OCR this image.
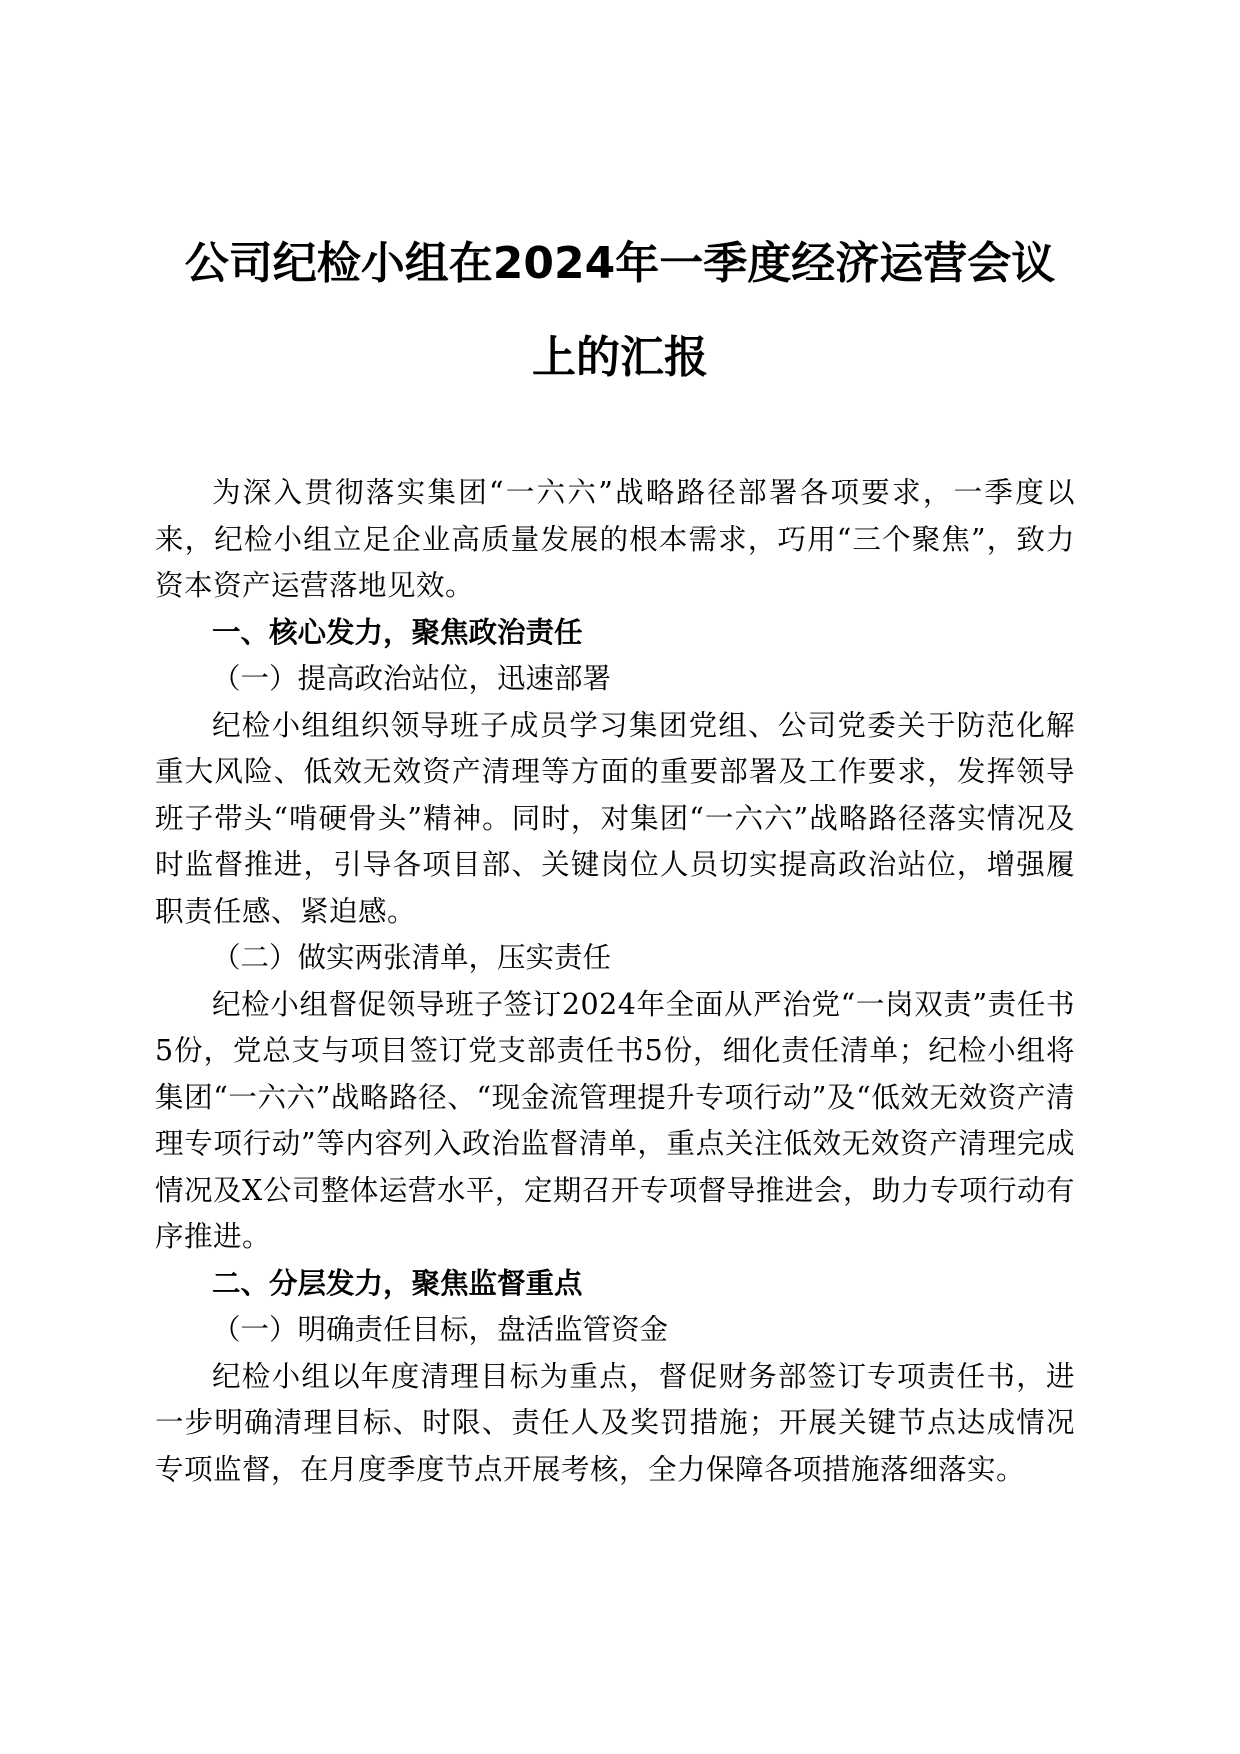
公司纪检小组在2024年一季度经济运营会议
上的汇报

为深入贯彻落实集团“一六六”战略路径部署各项要求，一季度以来，纪检小组立足企业高质量发展的根本需求，巧用“三个聚焦”，致力资本资产运营落地见效。

一、核心发力，聚焦政治责任

（一）提高政治站位，迅速部署

纪检小组组织领导班子成员学习集团党组、公司党委关于防范化解重大风险、低效无效资产清理等方面的重要部署及工作要求，发挥领导班子带头“啃硬骨头”精神。同时，对集团“一六六”战略路径落实情况及时监督推进，引导各项目部、关键岗位人员切实提高政治站位，增强履职责任感、紧迫感。

（二）做实两张清单，压实责任

纪检小组督促领导班子签订2024年全面从严治党“一岗双责”责任书5份，党总支与项目签订党支部责任书5份，细化责任清单；纪检小组将集团“一六六”战略路径、“现金流管理提升专项行动”及“低效无效资产清理专项行动”等内容列入政治监督清单，重点关注低效无效资产清理完成情况及X公司整体运营水平，定期召开专项督导推进会，助力专项行动有序推进。

二、分层发力，聚焦监督重点

（一）明确责任目标，盘活监管资金

纪检小组以年度清理目标为重点，督促财务部签订专项责任书，进一步明确清理目标、时限、责任人及奖罚措施；开展关键节点达成情况专项监督，在月度季度节点开展考核，全力保障各项措施落细落实。
